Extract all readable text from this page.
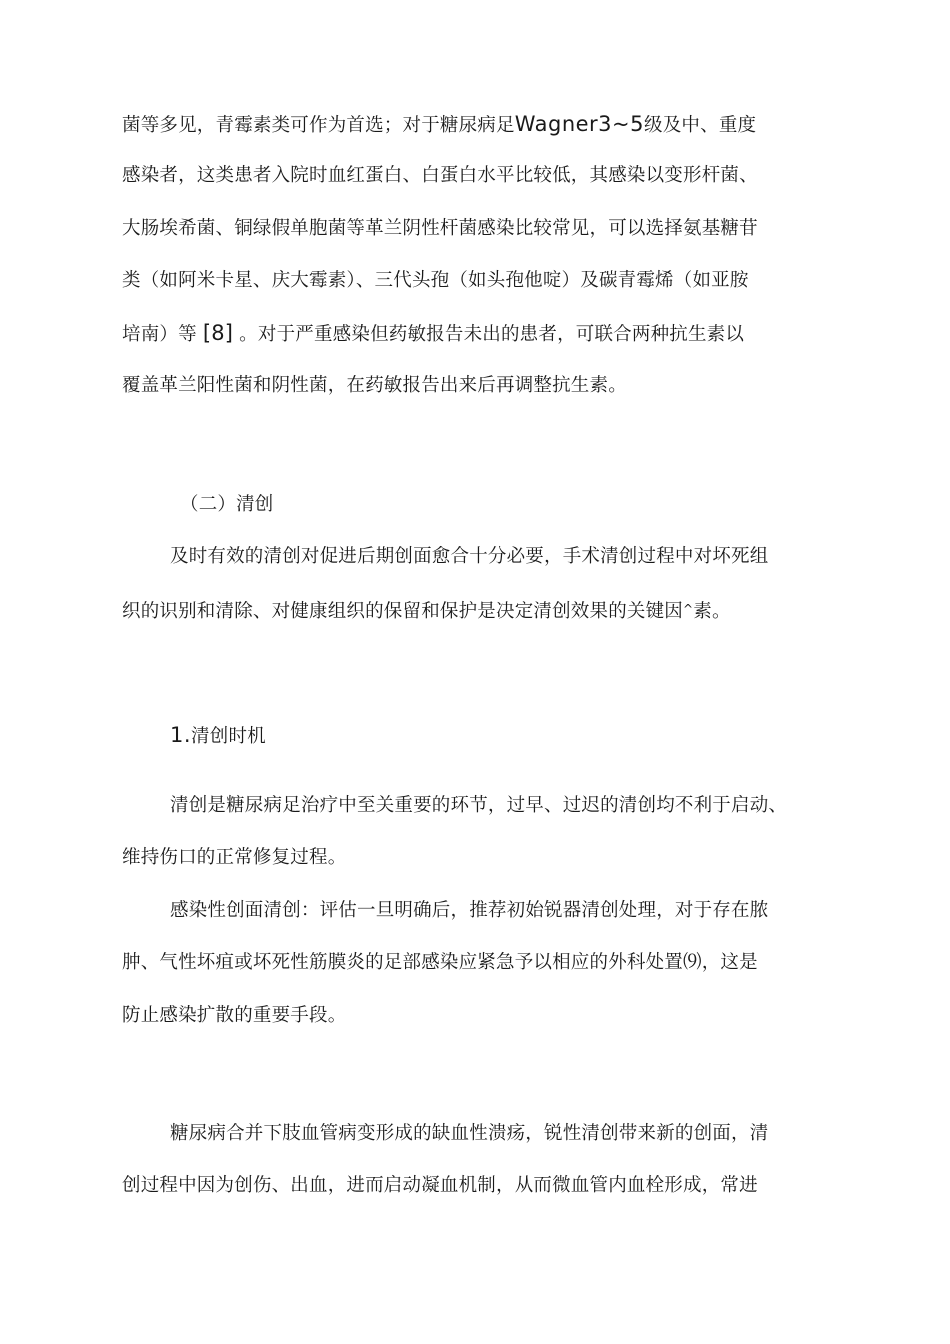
菌等多见，青霉素类可作为首选；对于糖尿病足Wagner3~5级及中、重度
感染者，这类患者入院时血红蛋白、白蛋白水平比较低，其感染以变形杆菌、
大肠埃希菌、铜绿假单胞菌等革兰阴性杆菌感染比较常见，可以选择氨基糖苷
类（如阿米卡星、庆大霉素）、三代头孢（如头孢他啶）及碳青霉烯（如亚胺
培南）等 [8] 。对于严重感染但药敏报告未出的患者，可联合两种抗生素以
覆盖革兰阳性菌和阴性菌，在药敏报告出来后再调整抗生素。
（二）清创
及时有效的清创对促进后期创面愈合十分必要，手术清创过程中对坏死组
织的识别和清除、对健康组织的保留和保护是决定清创效果的关键因^素。
1.清创时机
清创是糖尿病足治疗中至关重要的环节，过早、过迟的清创均不利于启动、
维持伤口的正常修复过程。
感染性创面清创：评估一旦明确后，推荐初始锐器清创处理，对于存在脓
肿、气性坏疽或坏死性筋膜炎的足部感染应紧急予以相应的外科处置⑼，这是
防止感染扩散的重要手段。
糖尿病合并下肢血管病变形成的缺血性溃疡，锐性清创带来新的创面，清
创过程中因为创伤、出血，进而启动凝血机制，从而微血管内血栓形成，常进
